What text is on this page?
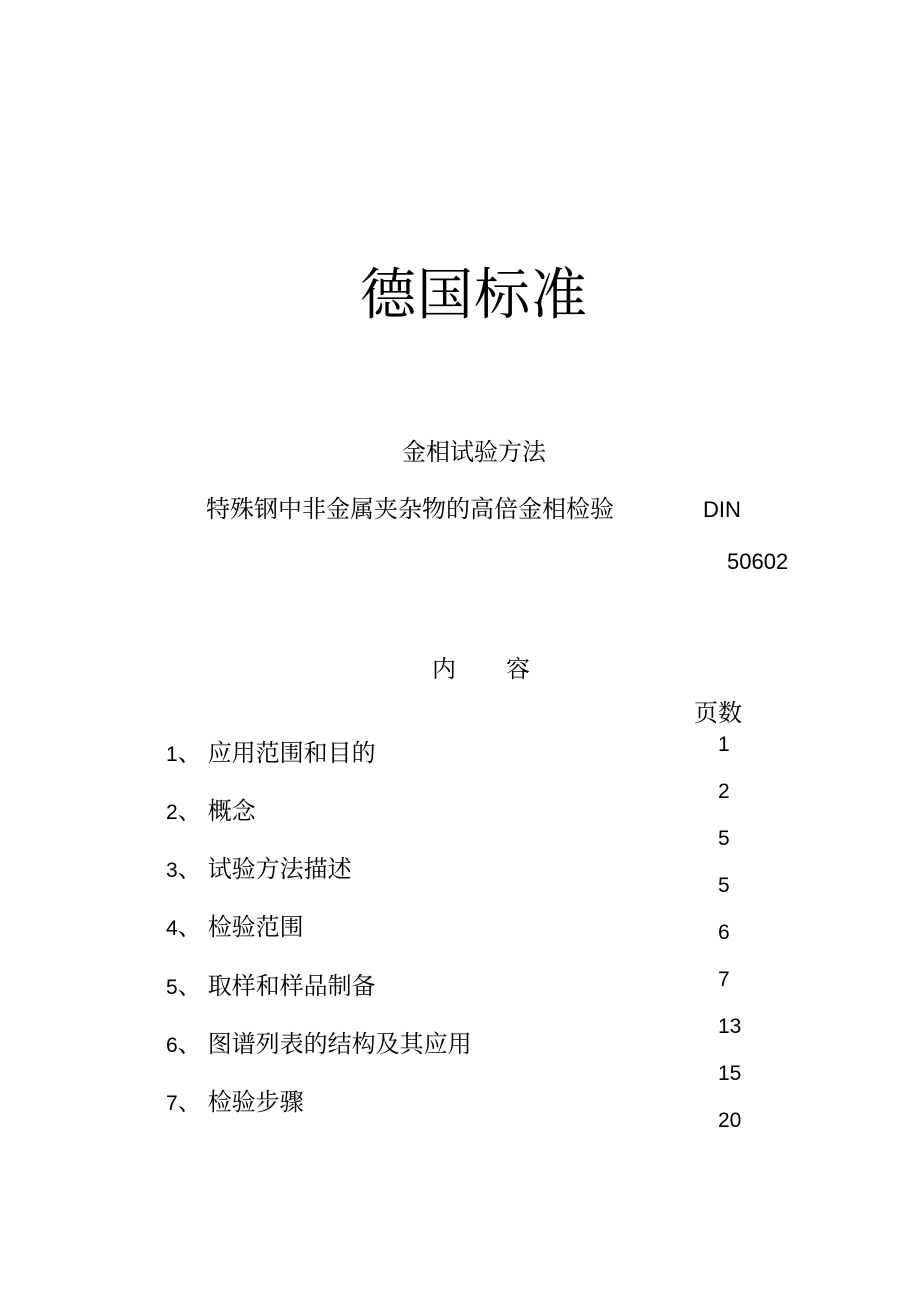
德国标准
金相试验方法
特殊钢中非金属夹杂物的高倍金相检验	DIN
50602
内 容
页数
1、 应用范围和目的
2、 概念
3、 试验方法描述
4、 检验范围
5、 取样和样品制备
6、 图谱列表的结构及其应用
7、 检验步骤
1
2
5
5
6
7
13
15
20
